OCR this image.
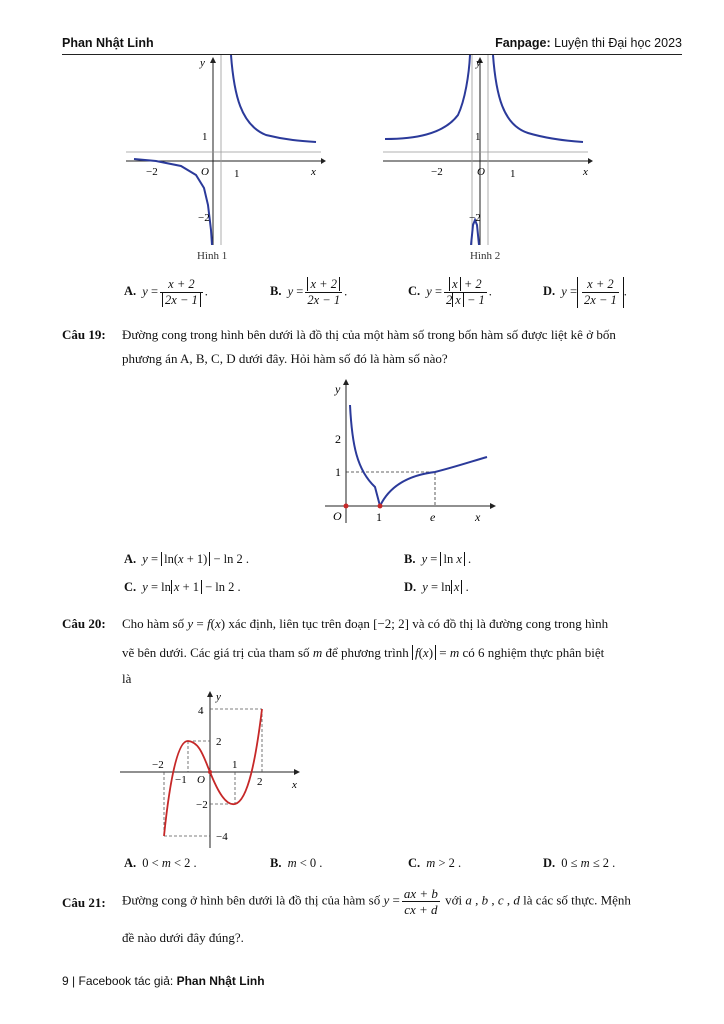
Phan Nhật Linh	Fanpage: Luyện thi Đại học 2023
−2	O 1	x
1
−2
y
Hình 1
−2	O 1	x
1
−2
y
Hình 2
A. $y = \frac{x + 2}{2x - 1}$ .	B. $y = \frac{x + 2}{2x - 1}$ .	C. $y = \frac{x + 2}{2 x - 1}$ .	D. $y = \frac{x + 2}{2x - 1}$ .
Câu 19: Đường cong trong hình bên dưới là đồ thị của một hàm số trong bốn hàm số được liệt kê ở bốn
phương án A, B, C, D dưới đây. Hỏi hàm số đó là hàm số nào?
y
2
1
O	1	e	x
A. y = ln(x + 1) − ln 2 .	B. y = ln x .
C. y = ln x + 1 − ln 2 .	D. y = ln x .
Câu 20: Cho hàm số y = f(x) xác định, liên tục trên đoạn [−2; 2] và có đồ thị là đường cong trong hình
vẽ bên dưới. Các giá trị của tham số m để phương trình f(x) = m có 6 nghiệm thực phân biệt
là
y
4
2
−2
−1 O
1
2	x
−2
−4
A. 0 < m < 2 .	B. m < 0 .	C. m > 2 .	D. 0 ≤ m ≤ 2 .
Câu 21: Đường cong ở hình bên dưới là đồ thị của hàm số $y = \frac{ax + b}{cx + d}$ với a , b , c , d là các số thực. Mệnh
đề nào dưới đây đúng?.
9 | Facebook tác giả: Phan Nhật Linh
